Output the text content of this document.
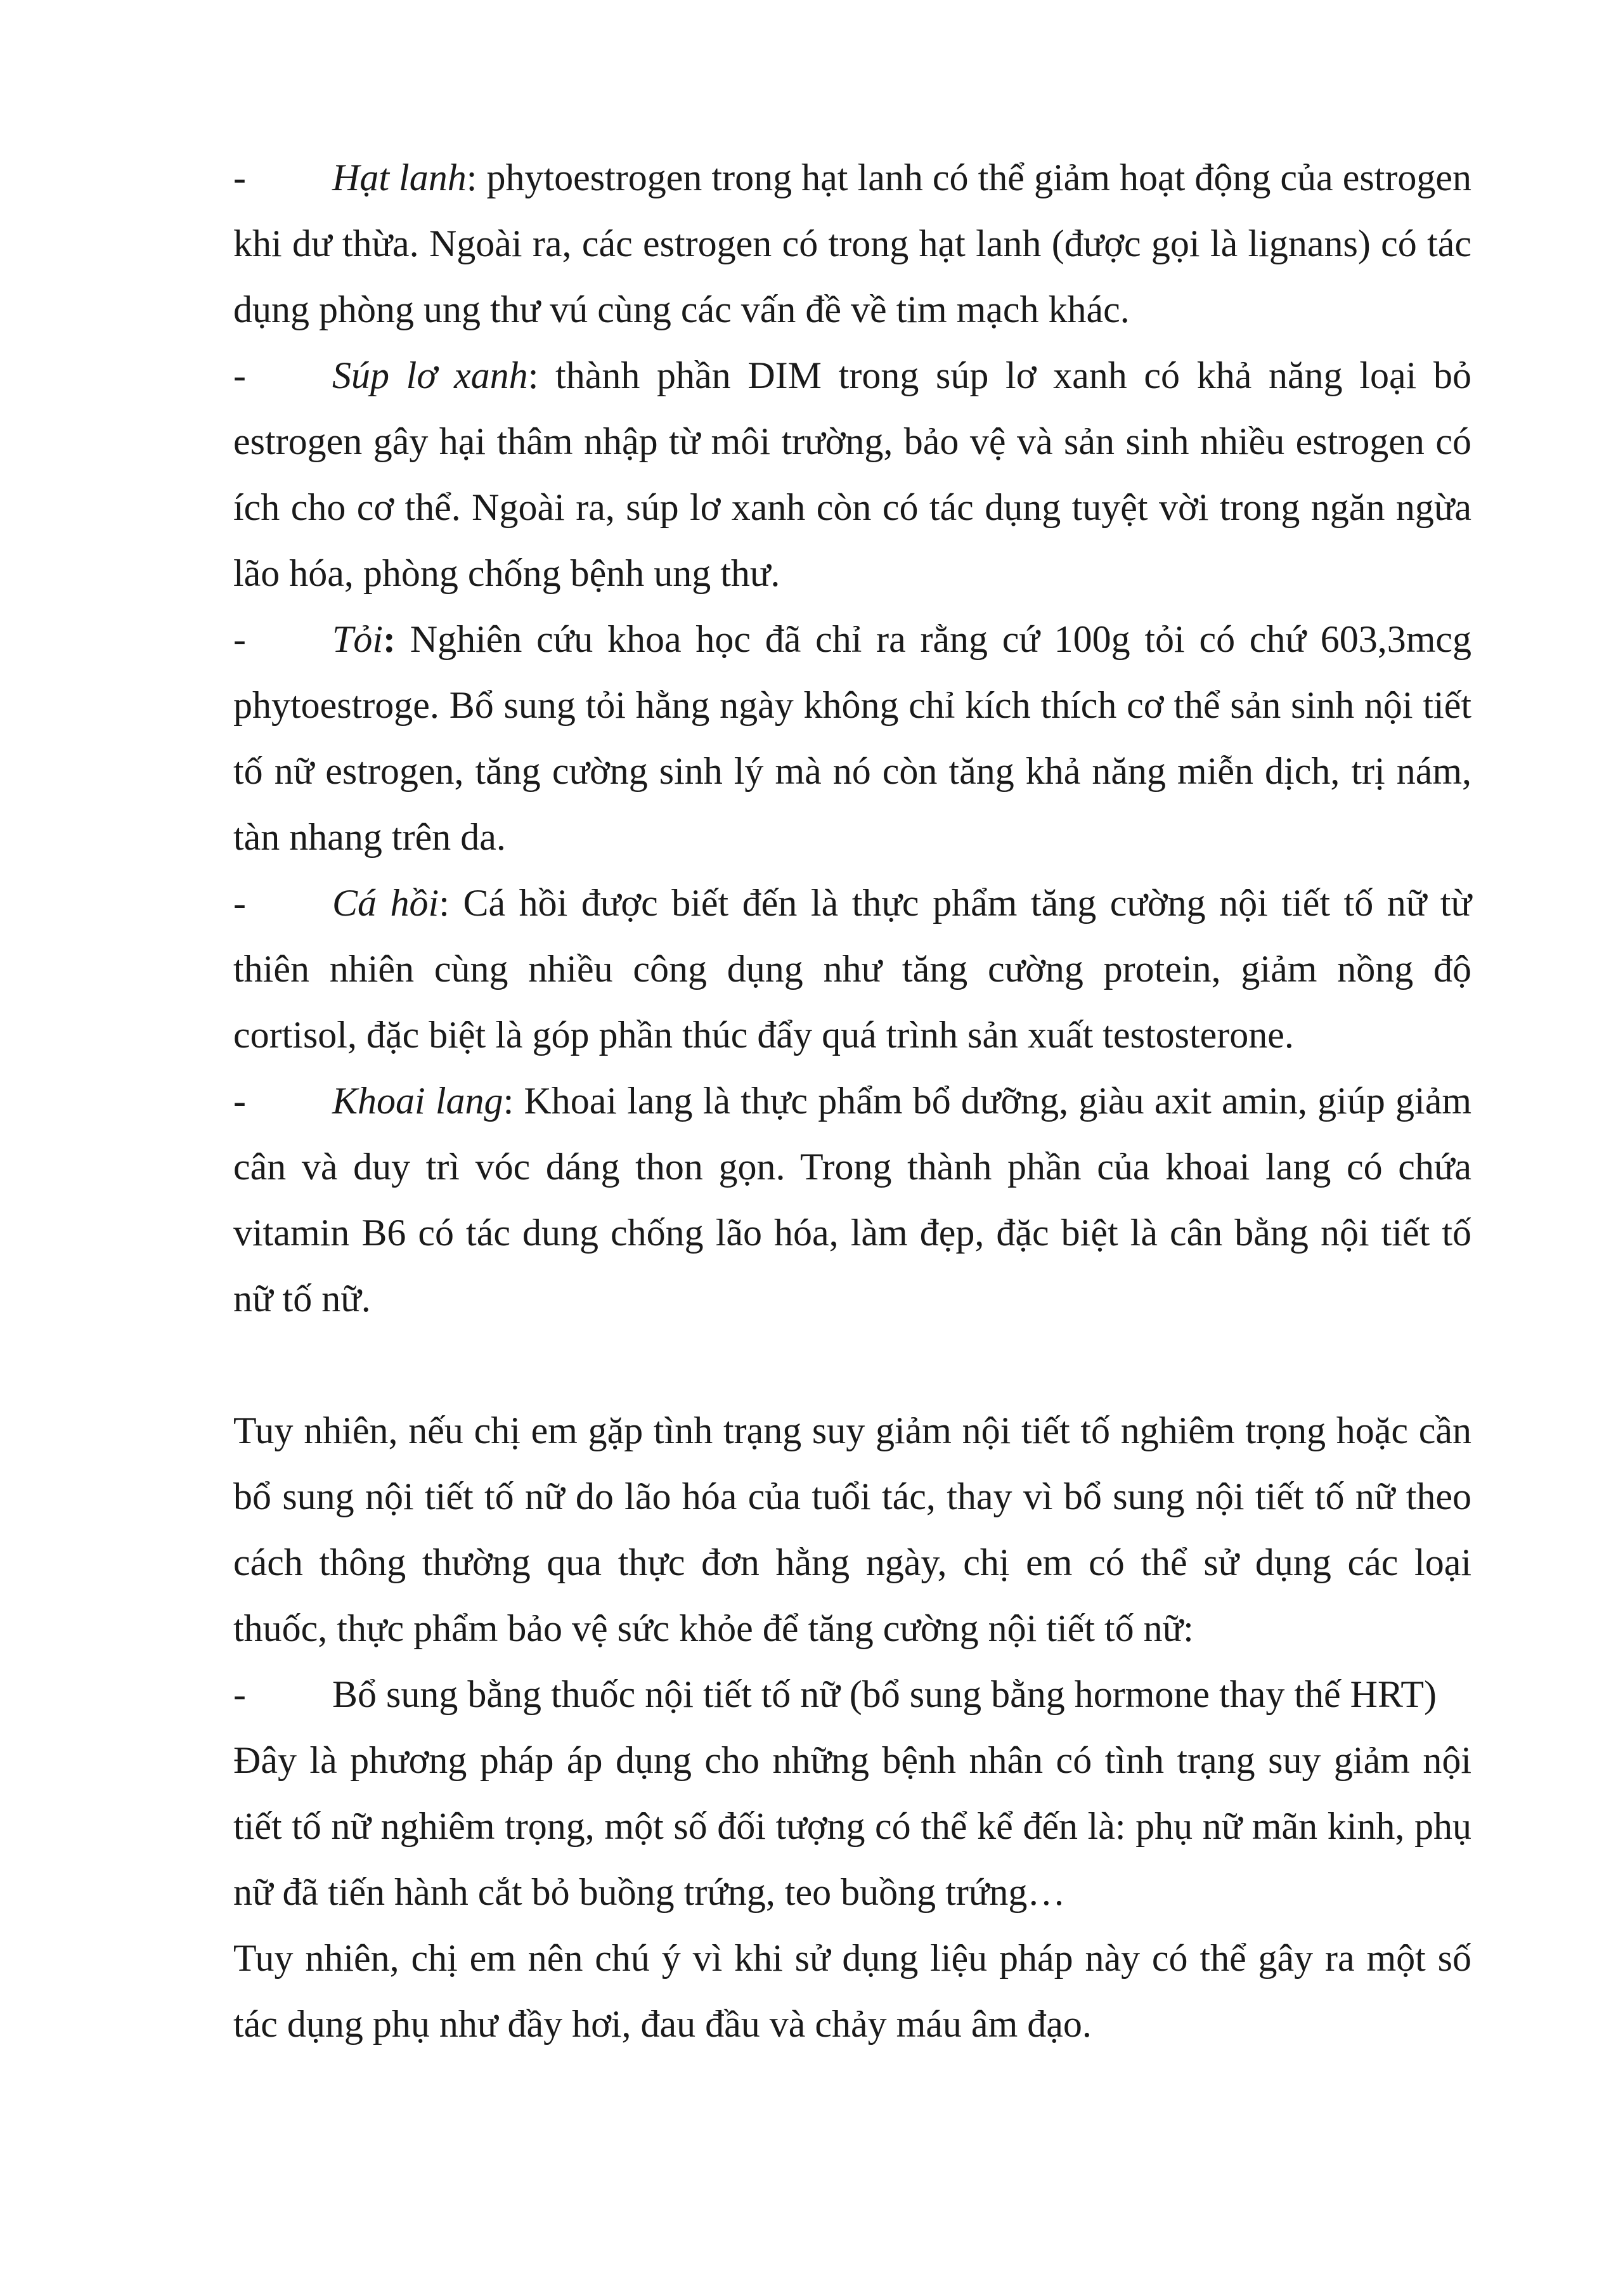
- Hạt lanh: phytoestrogen trong hạt lanh có thể giảm hoạt động của estrogen khi dư thừa. Ngoài ra, các estrogen có trong hạt lanh (được gọi là lignans) có tác dụng phòng ung thư vú cùng các vấn đề về tim mạch khác.

- Súp lơ xanh: thành phần DIM trong súp lơ xanh có khả năng loại bỏ estrogen gây hại thâm nhập từ môi trường, bảo vệ và sản sinh nhiều estrogen có ích cho cơ thể. Ngoài ra, súp lơ xanh còn có tác dụng tuyệt vời trong ngăn ngừa lão hóa, phòng chống bệnh ung thư.

- Tỏi: Nghiên cứu khoa học đã chỉ ra rằng cứ 100g tỏi có chứ 603,3mcg phytoestroge. Bổ sung tỏi hằng ngày không chỉ kích thích cơ thể sản sinh nội tiết tố nữ estrogen, tăng cường sinh lý mà nó còn tăng khả năng miễn dịch, trị nám, tàn nhang trên da.

- Cá hồi: Cá hồi được biết đến là thực phẩm tăng cường nội tiết tố nữ từ thiên nhiên cùng nhiều công dụng như tăng cường protein, giảm nồng độ cortisol, đặc biệt là góp phần thúc đẩy quá trình sản xuất testosterone.

- Khoai lang: Khoai lang là thực phẩm bổ dưỡng, giàu axit amin, giúp giảm cân và duy trì vóc dáng thon gọn. Trong thành phần của khoai lang có chứa vitamin B6 có tác dung chống lão hóa, làm đẹp, đặc biệt là cân bằng nội tiết tố nữ tố nữ.

Tuy nhiên, nếu chị em gặp tình trạng suy giảm nội tiết tố nghiêm trọng hoặc cần bổ sung nội tiết tố nữ do lão hóa của tuổi tác, thay vì bổ sung nội tiết tố nữ theo cách thông thường qua thực đơn hằng ngày, chị em có thể sử dụng các loại thuốc, thực phẩm bảo vệ sức khỏe để tăng cường nội tiết tố nữ:

- Bổ sung bằng thuốc nội tiết tố nữ (bổ sung bằng hormone thay thế HRT)

Đây là phương pháp áp dụng cho những bệnh nhân có tình trạng suy giảm nội tiết tố nữ nghiêm trọng, một số đối tượng có thể kể đến là: phụ nữ mãn kinh, phụ nữ đã tiến hành cắt bỏ buồng trứng, teo buồng trứng…

Tuy nhiên, chị em nên chú ý vì khi sử dụng liệu pháp này có thể gây ra một số tác dụng phụ như đầy hơi, đau đầu và chảy máu âm đạo.
